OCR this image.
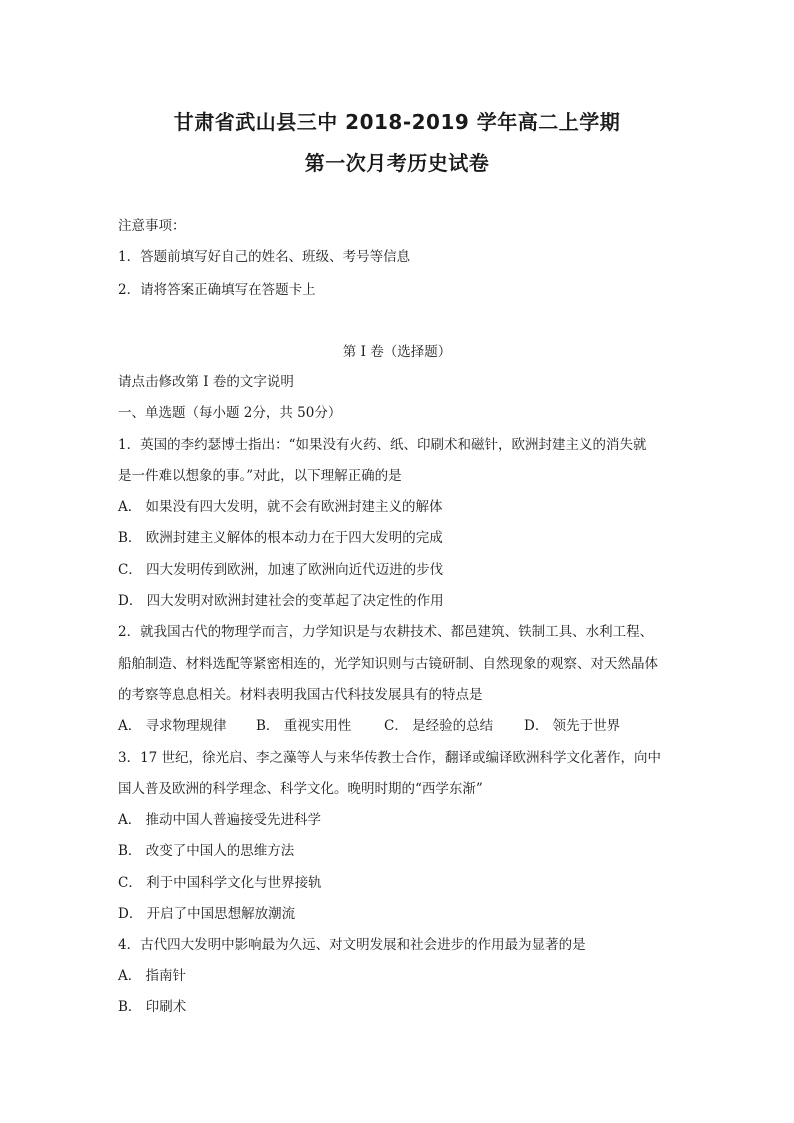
甘肃省武山县三中 2018-2019 学年高二上学期
第一次月考历史试卷
注意事项：
1．答题前填写好自己的姓名、班级、考号等信息
2．请将答案正确填写在答题卡上
第 I 卷（选择题）
请点击修改第 I 卷的文字说明
一、单选题（每小题 2分，共 50分）
1．英国的李约瑟博士指出：“如果没有火药、纸、印刷术和磁针，欧洲封建主义的消失就
是一件难以想象的事。”对此，以下理解正确的是
A． 如果没有四大发明，就不会有欧洲封建主义的解体
B． 欧洲封建主义解体的根本动力在于四大发明的完成
C． 四大发明传到欧洲，加速了欧洲向近代迈进的步伐
D． 四大发明对欧洲封建社会的变革起了决定性的作用
2．就我国古代的物理学而言，力学知识是与农耕技术、都邑建筑、铁制工具、水利工程、
船舶制造、材料选配等紧密相连的，光学知识则与古镜研制、自然现象的观察、对天然晶体
的考察等息息相关。材料表明我国古代科技发展具有的特点是
A． 寻求物理规律 B． 重视实用性 C． 是经验的总结 D． 领先于世界
3．17 世纪，徐光启、李之藻等人与来华传教士合作，翻译或编译欧洲科学文化著作，向中
国人普及欧洲的科学理念、科学文化。晚明时期的“西学东渐”
A． 推动中国人普遍接受先进科学
B． 改变了中国人的思维方法
C． 利于中国科学文化与世界接轨
D． 开启了中国思想解放潮流
4．古代四大发明中影响最为久远、对文明发展和社会进步的作用最为显著的是
A． 指南针
B． 印刷术
